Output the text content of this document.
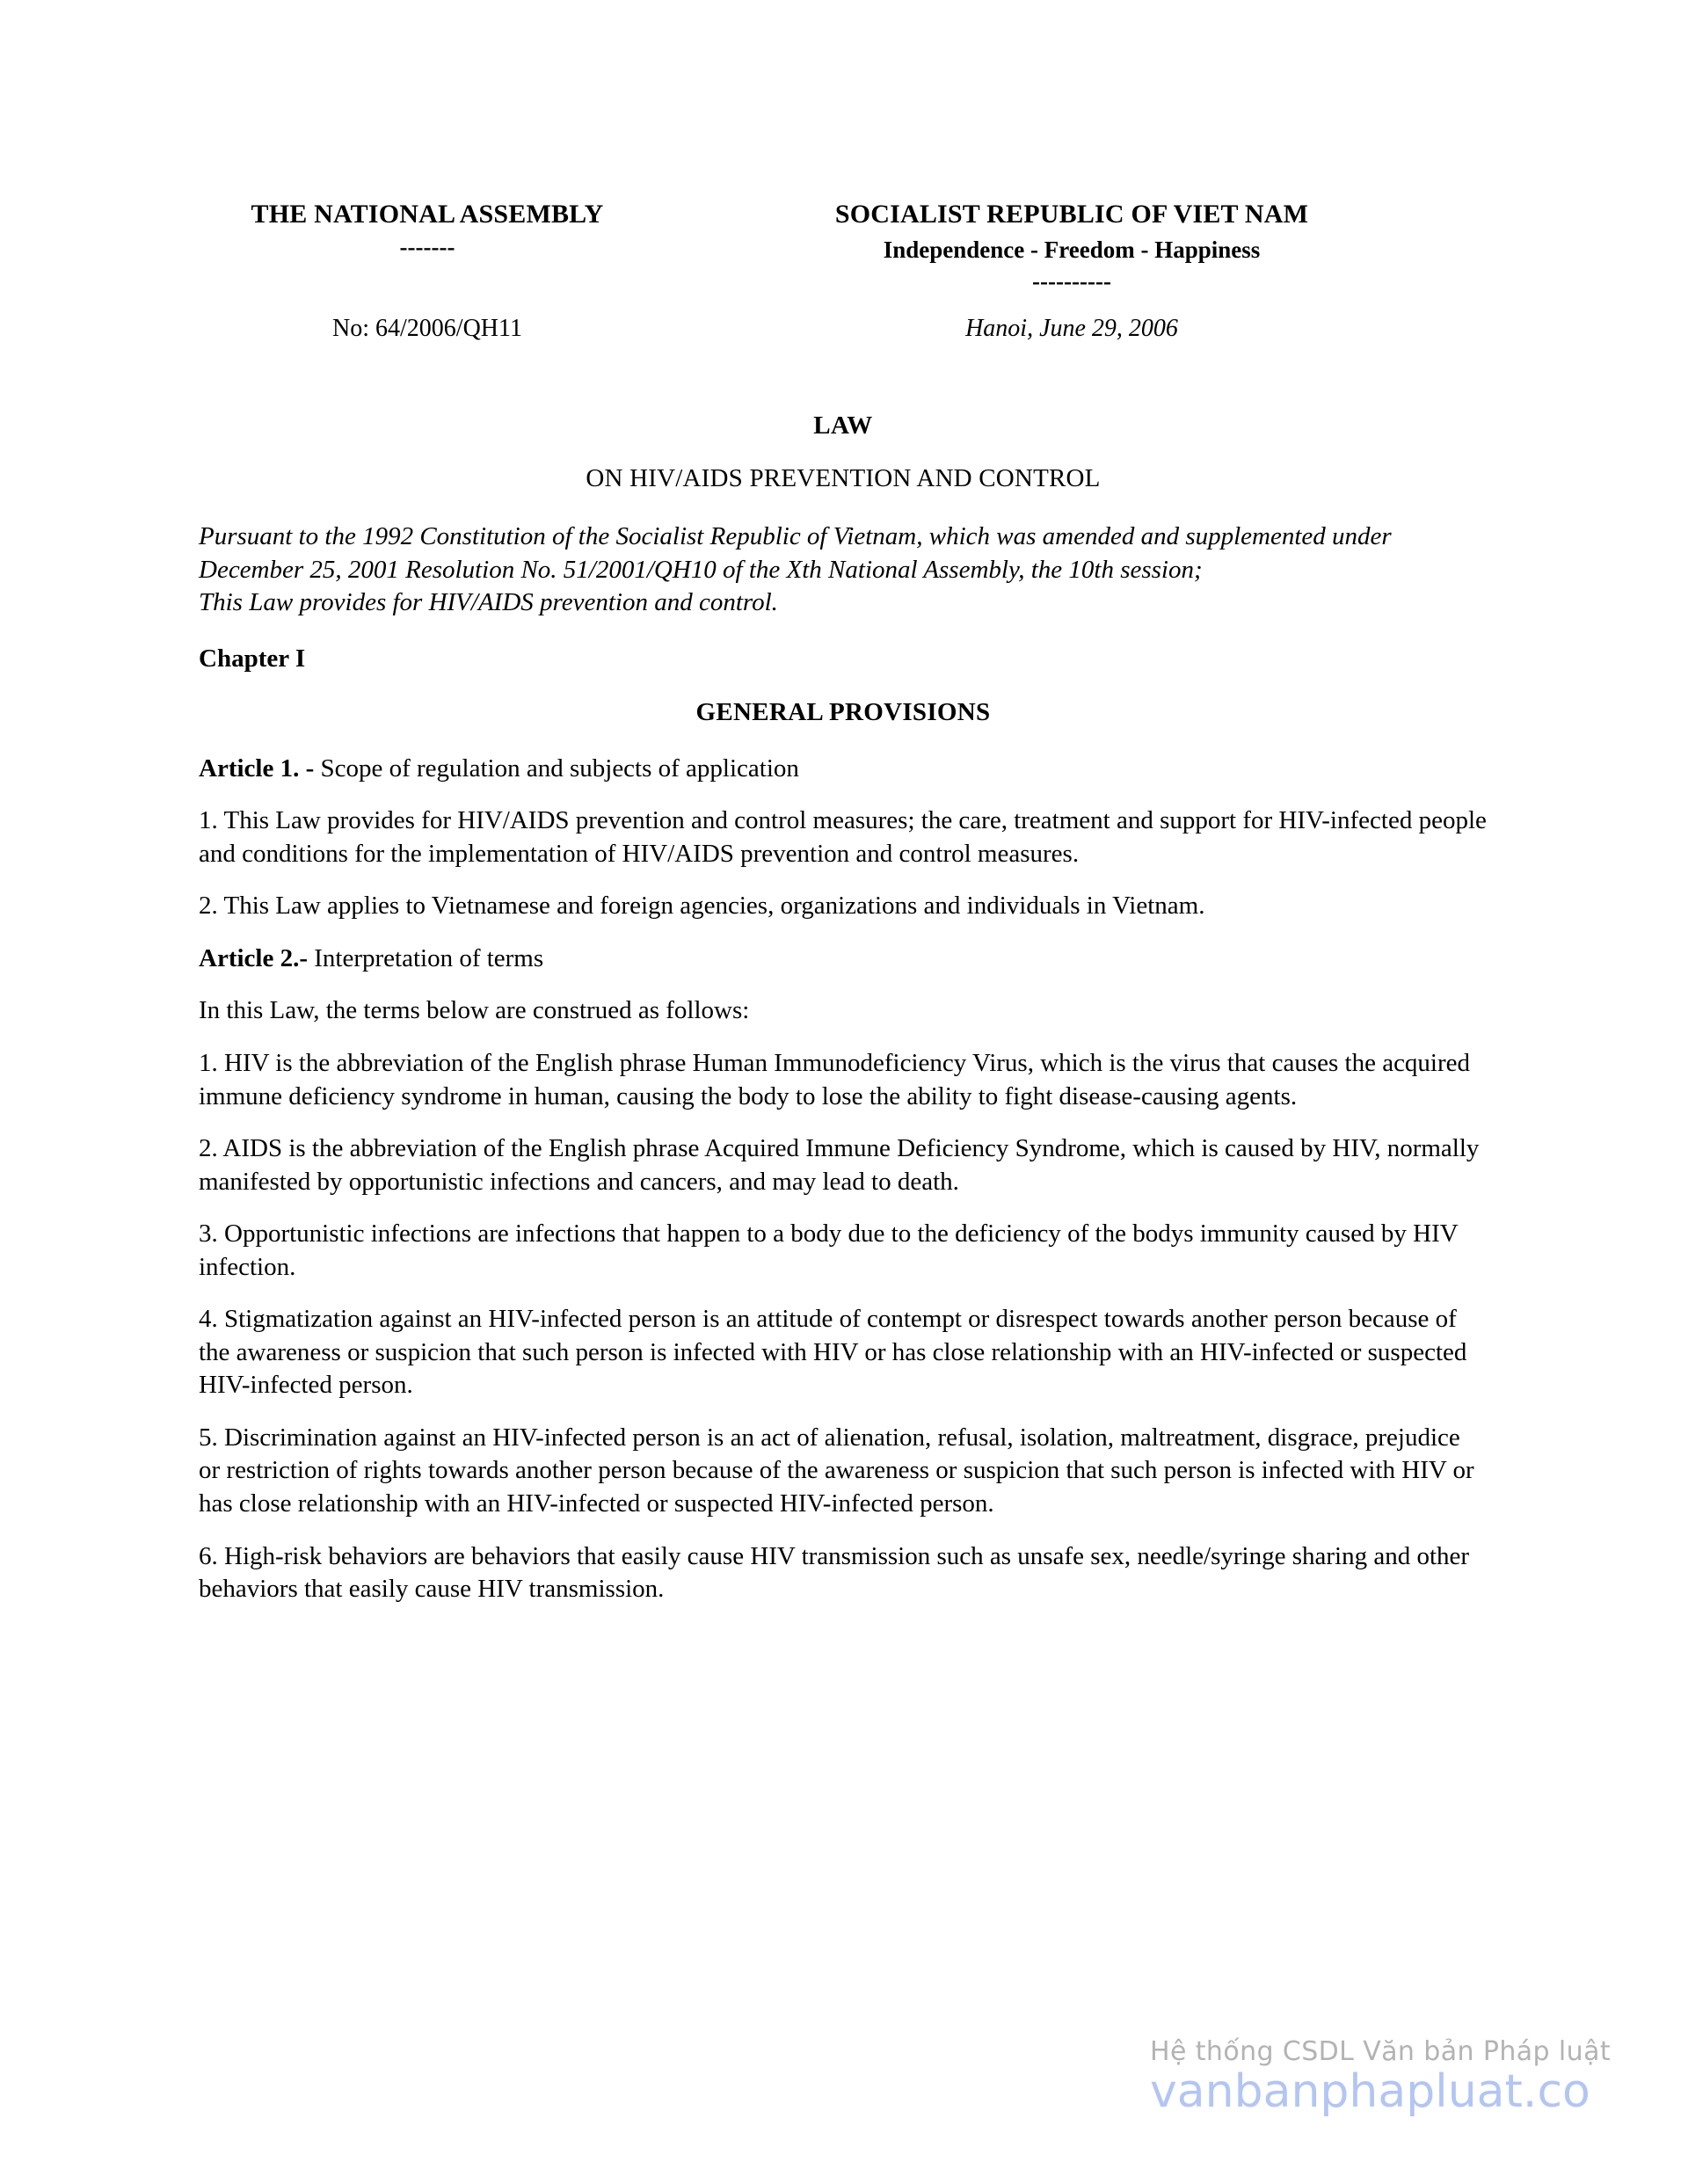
THE NATIONAL ASSEMBLY
-------
SOCIALIST REPUBLIC OF VIET NAM
Independence - Freedom - Happiness
----------
No: 64/2006/QH11	Hanoi, June 29, 2006
LAW
ON HIV/AIDS PREVENTION AND CONTROL
Pursuant to the 1992 Constitution of the Socialist Republic of Vietnam, which was amended and supplemented under December 25, 2001 Resolution No. 51/2001/QH10 of the Xth National Assembly, the 10th session;
This Law provides for HIV/AIDS prevention and control.
Chapter I
GENERAL PROVISIONS
Article 1. - Scope of regulation and subjects of application

1. This Law provides for HIV/AIDS prevention and control measures; the care, treatment and support for HIV-infected people and conditions for the implementation of HIV/AIDS prevention and control measures.

2. This Law applies to Vietnamese and foreign agencies, organizations and individuals in Vietnam.

Article 2.- Interpretation of terms

In this Law, the terms below are construed as follows:

1. HIV is the abbreviation of the English phrase Human Immunodeficiency Virus, which is the virus that causes the acquired immune deficiency syndrome in human, causing the body to lose the ability to fight disease-causing agents.

2. AIDS is the abbreviation of the English phrase Acquired Immune Deficiency Syndrome, which is caused by HIV, normally manifested by opportunistic infections and cancers, and may lead to death.

3. Opportunistic infections are infections that happen to a body due to the deficiency of the bodys immunity caused by HIV infection.

4. Stigmatization against an HIV-infected person is an attitude of contempt or disrespect towards another person because of the awareness or suspicion that such person is infected with HIV or has close relationship with an HIV-infected or suspected HIV-infected person.

5. Discrimination against an HIV-infected person is an act of alienation, refusal, isolation, maltreatment, disgrace, prejudice or restriction of rights towards another person because of the awareness or suspicion that such person is infected with HIV or has close relationship with an HIV-infected or suspected HIV-infected person.

6. High-risk behaviors are behaviors that easily cause HIV transmission such as unsafe sex, needle/syringe sharing and other behaviors that easily cause HIV transmission.

Hệ thống CSDL Văn bản Pháp luật
vanbanphapluat.co
